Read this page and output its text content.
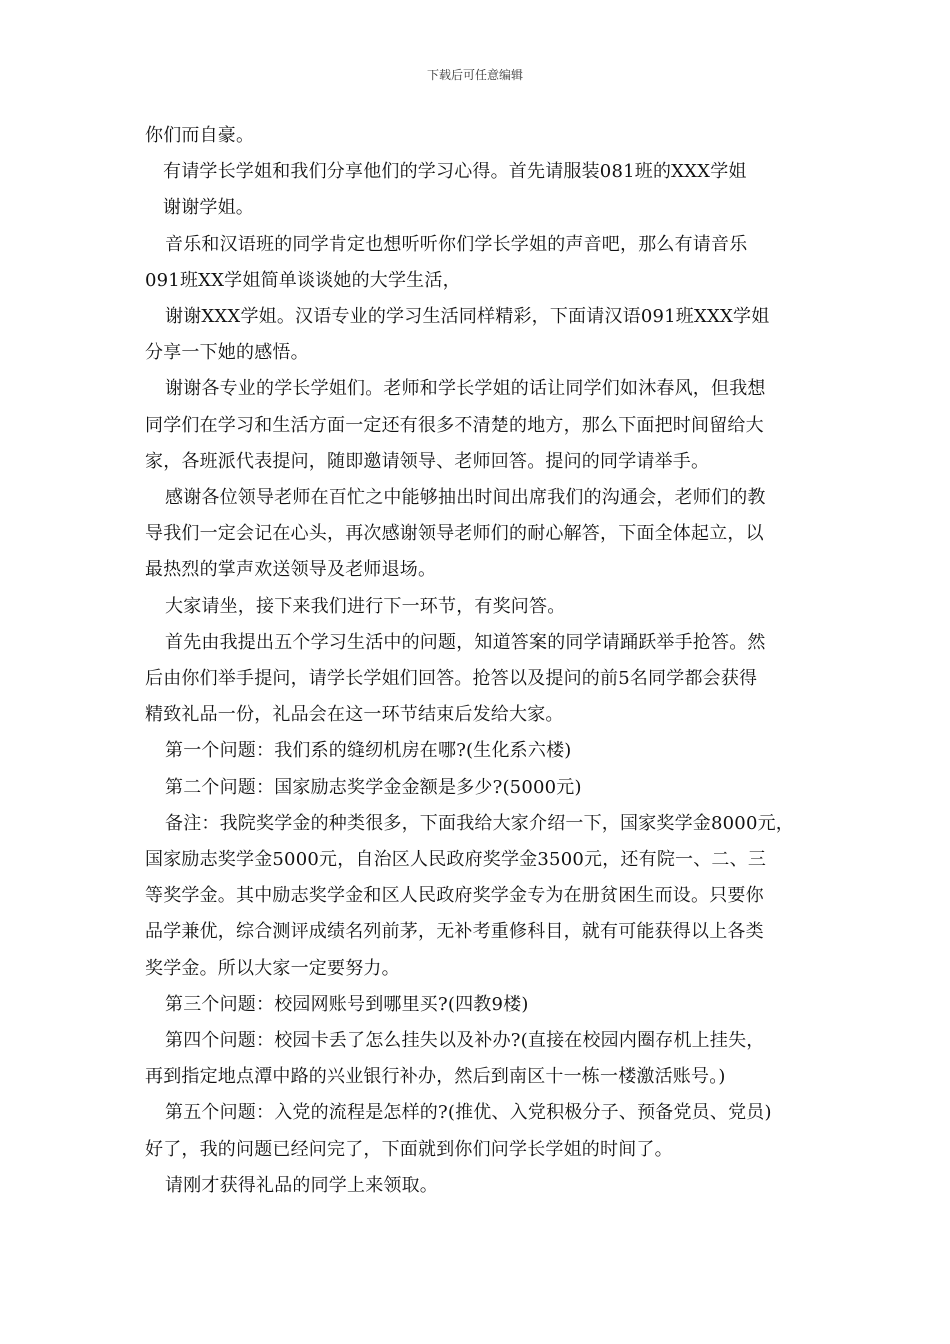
下载后可任意编辑

你们而自豪。

有请学长学姐和我们分享他们的学习心得。首先请服装081班的XXX学姐

谢谢学姐。

音乐和汉语班的同学肯定也想听听你们学长学姐的声音吧，那么有请音乐

091班XX学姐简单谈谈她的大学生活，

谢谢XXX学姐。汉语专业的学习生活同样精彩，下面请汉语091班XXX学姐

分享一下她的感悟。

谢谢各专业的学长学姐们。老师和学长学姐的话让同学们如沐春风，但我想

同学们在学习和生活方面一定还有很多不清楚的地方，那么下面把时间留给大

家，各班派代表提问，随即邀请领导、老师回答。提问的同学请举手。

感谢各位领导老师在百忙之中能够抽出时间出席我们的沟通会，老师们的教

导我们一定会记在心头，再次感谢领导老师们的耐心解答，下面全体起立，以

最热烈的掌声欢送领导及老师退场。

大家请坐，接下来我们进行下一环节，有奖问答。

首先由我提出五个学习生活中的问题，知道答案的同学请踊跃举手抢答。然

后由你们举手提问，请学长学姐们回答。抢答以及提问的前5名同学都会获得

精致礼品一份，礼品会在这一环节结束后发给大家。

第一个问题：我们系的缝纫机房在哪?(生化系六楼)

第二个问题：国家励志奖学金金额是多少?(5000元)

备注：我院奖学金的种类很多，下面我给大家介绍一下，国家奖学金8000元，

国家励志奖学金5000元，自治区人民政府奖学金3500元，还有院一、二、三

等奖学金。其中励志奖学金和区人民政府奖学金专为在册贫困生而设。只要你

品学兼优，综合测评成绩名列前茅，无补考重修科目，就有可能获得以上各类

奖学金。所以大家一定要努力。

第三个问题：校园网账号到哪里买?(四教9楼)

第四个问题：校园卡丢了怎么挂失以及补办?(直接在校园内圈存机上挂失，

再到指定地点潭中路的兴业银行补办，然后到南区十一栋一楼激活账号。)

第五个问题：入党的流程是怎样的?(推优、入党积极分子、预备党员、党员)

好了，我的问题已经问完了，下面就到你们问学长学姐的时间了。

请刚才获得礼品的同学上来领取。
